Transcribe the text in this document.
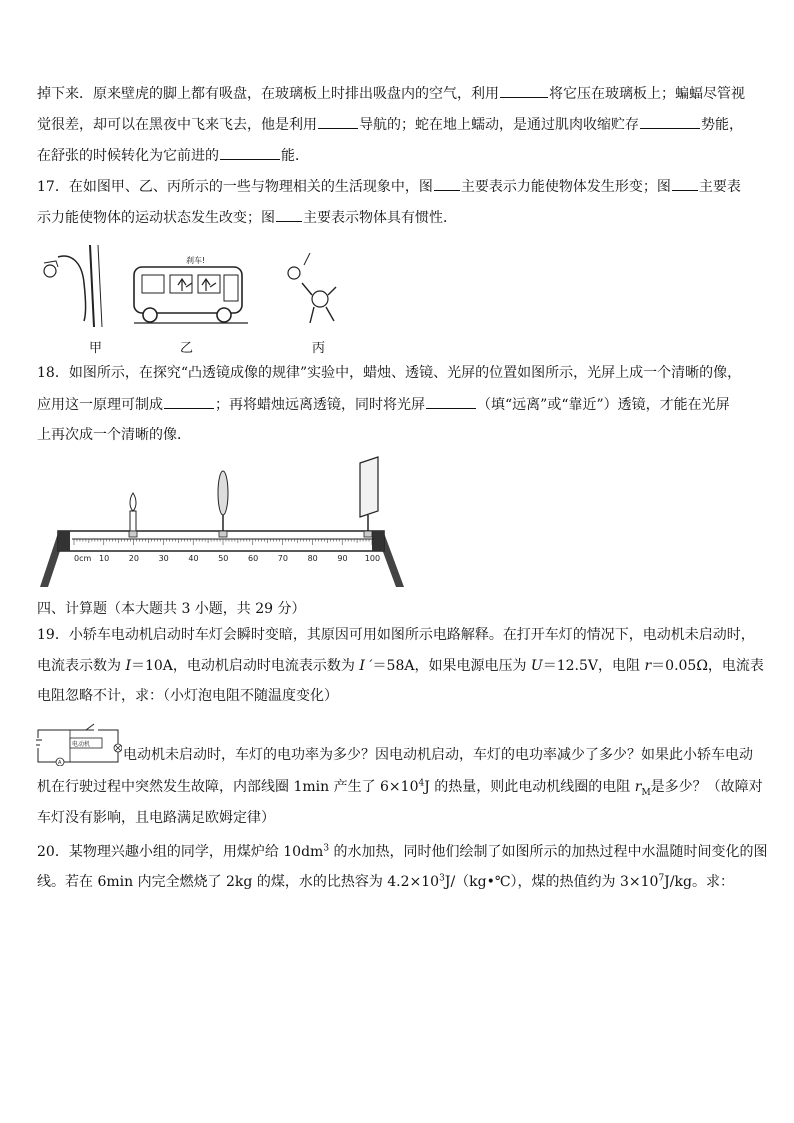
掉下来．原来壁虎的脚上都有吸盘，在玻璃板上时排出吸盘内的空气，利用	将它压在玻璃板上；蝙蝠尽管视
觉很差，却可以在黑夜中飞来飞去，他是利用	导航的；蛇在地上蠕动，是通过肌肉收缩贮存	势能，
在舒张的时候转化为它前进的	能．
17．在如图甲、乙、丙所示的一些与物理相关的生活现象中，图 主要表示力能使物体发生形变；图 主要表
示力能使物体的运动状态发生改变；图 主要表示物体具有惯性．
刹车!
甲	乙	丙
18．如图所示，在探究“凸透镜成像的规律”实验中，蜡烛、透镜、光屏的位置如图所示，光屏上成一个清晰的像，
应用这一原理可制成	；再将蜡烛远离透镜，同时将光屏	（填“远离”或“靠近”）透镜，才能在光屏
上再次成一个清晰的像．
0cm 10 20 30 40 50 60 70 80 90 100
四、计算题（本大题共 3 小题，共 29 分）
19．小轿车电动机启动时车灯会瞬时变暗，其原因可用如图所示电路解释。在打开车灯的情况下，电动机未启动时，
电流表示数为 I＝10A，电动机启动时电流表示数为 I ′＝58A，如果电源电压为 U＝12.5V，电阻 r＝0.05Ω，电流表
电阻忽略不计，求：（小灯泡电阻不随温度变化）
电动机
A	电动机未启动时，车灯的电功率为多少？因电动机启动，车灯的电功率减少了多少？如果此小轿车电动
机在行驶过程中突然发生故障，内部线圈 1min 产生了 $6\times 10^4J$ 的热量，则此电动机线圈的电阻 $r_M$是多少？（故障对
车灯没有影响，且电路满足欧姆定律）
20．某物理兴趣小组的同学，用煤炉给 $10dm^3$ 的水加热，同时他们绘制了如图所示的加热过程中水温随时间变化的图
线。若在 6min 内完全燃烧了 2kg 的煤，水的比热容为 $4.2\times 10^3J/(kg•℃)$，煤的热值约为 $3\times 10^7J/kg$。求：
